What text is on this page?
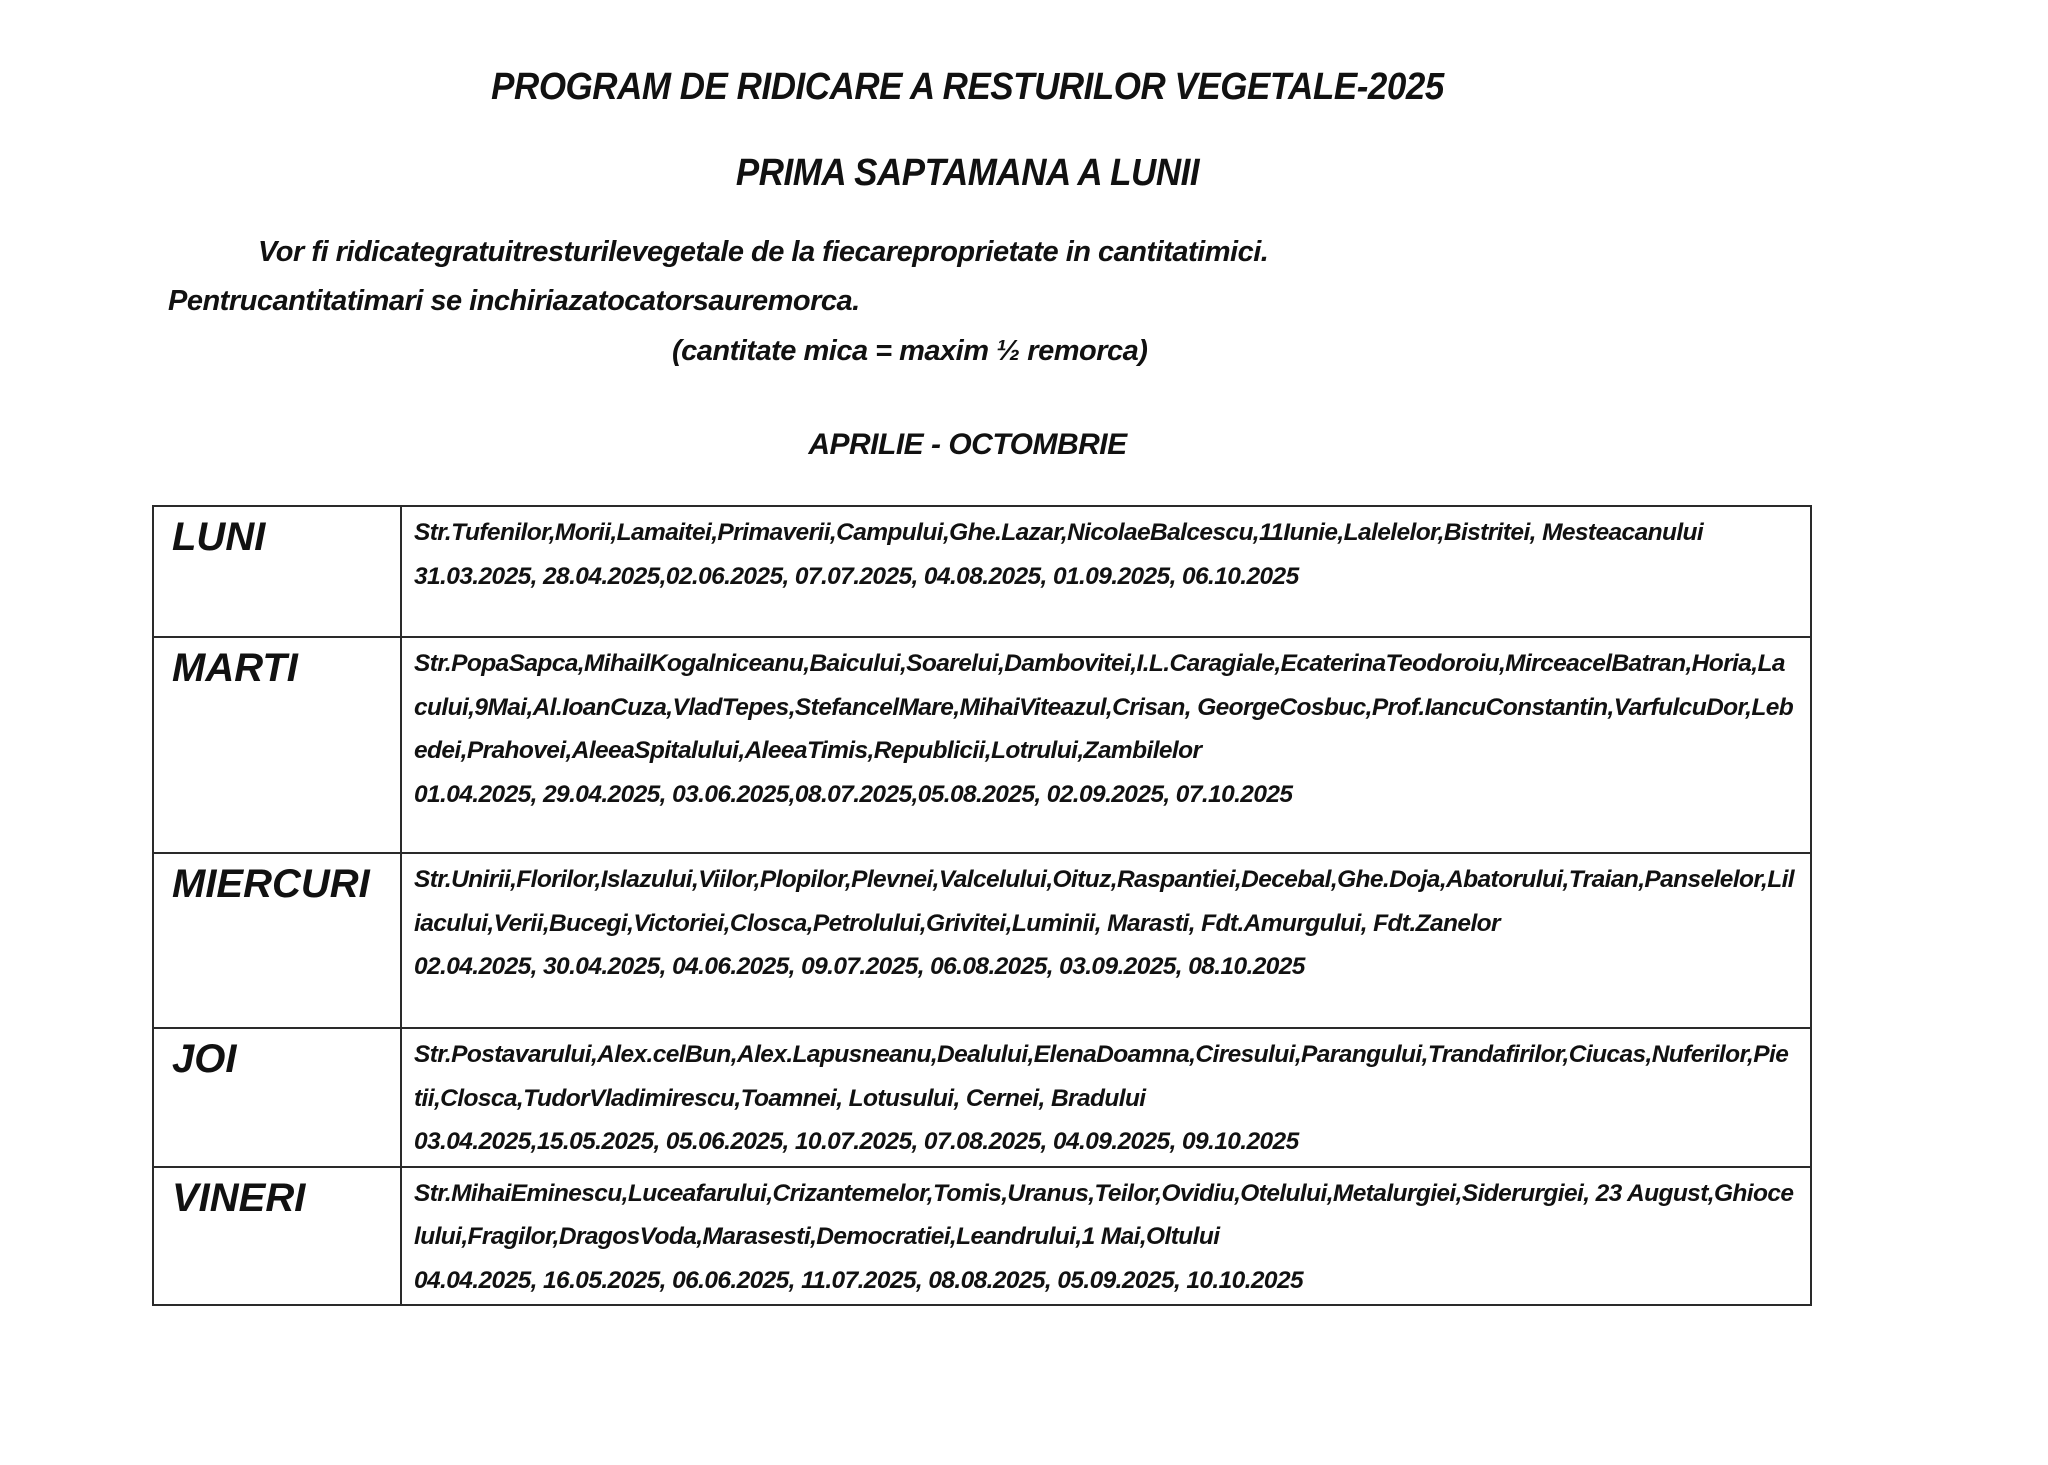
PROGRAM DE RIDICARE A RESTURILOR VEGETALE-2025
PRIMA SAPTAMANA A LUNII
Vor fi ridicategratuitresturilevegetale de la fiecareproprietate in cantitatimici.
Pentrucantitatimari se inchiriazatocatorsauremorca.
(cantitate mica = maxim ½ remorca)
APRILIE - OCTOMBRIE
LUNI	Str.Tufenilor,Morii,Lamaitei,Primaverii,Campului,Ghe.Lazar,NicolaeBalcescu,11Iunie,Lalelelor,Bistritei, Mesteacanului
31.03.2025, 28.04.2025,02.06.2025, 07.07.2025, 04.08.2025, 01.09.2025, 06.10.2025

MARTI	Str.PopaSapca,MihailKogalniceanu,Baicului,Soarelui,Dambovitei,I.L.Caragiale,EcaterinaTeodoroiu,MirceacelBatran,Horia,Lacului,9Mai,Al.IoanCuza,VladTepes,StefancelMare,MihaiViteazul,Crisan, GeorgeCosbuc,Prof.IancuConstantin,VarfulcuDor,Lebedei,Prahovei,AleeaSpitalului,AleeaTimis,Republicii,Lotrului,Zambilelor
01.04.2025, 29.04.2025, 03.06.2025,08.07.2025,05.08.2025, 02.09.2025, 07.10.2025

MIERCURI	Str.Unirii,Florilor,Islazului,Viilor,Plopilor,Plevnei,Valcelului,Oituz,Raspantiei,Decebal,Ghe.Doja,Abatorului,Traian,Panselelor,Liliacului,Verii,Bucegi,Victoriei,Closca,Petrolului,Grivitei,Luminii, Marasti, Fdt.Amurgului, Fdt.Zanelor
02.04.2025, 30.04.2025, 04.06.2025, 09.07.2025, 06.08.2025, 03.09.2025, 08.10.2025

JOI	Str.Postavarului,Alex.celBun,Alex.Lapusneanu,Dealului,ElenaDoamna,Ciresului,Parangului,Trandafirilor,Ciucas,Nuferilor,Pietii,Closca,TudorVladimirescu,Toamnei, Lotusului, Cernei, Bradului
03.04.2025,15.05.2025, 05.06.2025, 10.07.2025, 07.08.2025, 04.09.2025, 09.10.2025

VINERI	Str.MihaiEminescu,Luceafarului,Crizantemelor,Tomis,Uranus,Teilor,Ovidiu,Otelului,Metalurgiei,Siderurgiei, 23 August,Ghiocelului,Fragilor,DragosVoda,Marasesti,Democratiei,Leandrului,1 Mai,Oltului
04.04.2025, 16.05.2025, 06.06.2025, 11.07.2025, 08.08.2025, 05.09.2025, 10.10.2025
